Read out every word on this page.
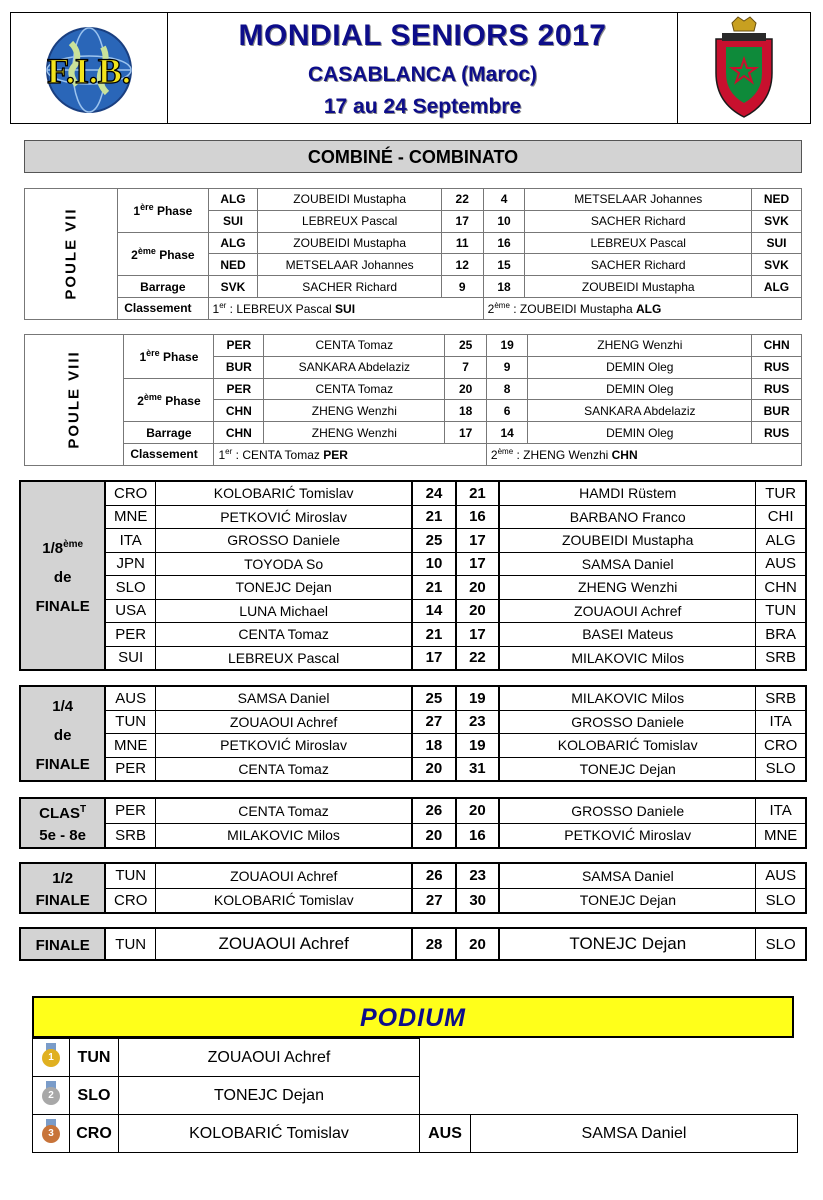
F.I.B.
MONDIAL SENIORS 2017
CASABLANCA (Maroc)
17 au 24 Septembre
COMBINÉ - COMBINATO
POULE VII	1ère Phase	ALG	ZOUBEIDI Mustapha	22	4	METSELAAR Johannes	NED
		SUI	LEBREUX Pascal	17	10	SACHER Richard	SVK
	2ème Phase	ALG	ZOUBEIDI Mustapha	11	16	LEBREUX Pascal	SUI
		NED	METSELAAR Johannes	12	15	SACHER Richard	SVK
	Barrage	SVK	SACHER Richard	9	18	ZOUBEIDI Mustapha	ALG
	Classement	1er : LEBREUX Pascal SUI			2ème : ZOUBEIDI Mustapha ALG		
POULE VIII	1ère Phase	PER	CENTA Tomaz	25	19	ZHENG Wenzhi	CHN
		BUR	SANKARA Abdelaziz	7	9	DEMIN Oleg	RUS
	2ème Phase	PER	CENTA Tomaz	20	8	DEMIN Oleg	RUS
		CHN	ZHENG Wenzhi	18	6	SANKARA Abdelaziz	BUR
	Barrage	CHN	ZHENG Wenzhi	17	14	DEMIN Oleg	RUS
	Classement	1er : CENTA Tomaz PER			2ème : ZHENG Wenzhi CHN		
1/8ème
de
FINALE	CRO	KOLOBARIĆ Tomislav	24	21	HAMDI Rüstem	TUR
	MNE	PETKOVIĆ Miroslav	21	16	BARBANO Franco	CHI
	ITA	GROSSO Daniele	25	17	ZOUBEIDI Mustapha	ALG
	JPN	TOYODA So	10	17	SAMSA Daniel	AUS
	SLO	TONEJC Dejan	21	20	ZHENG Wenzhi	CHN
	USA	LUNA Michael	14	20	ZOUAOUI Achref	TUN
	PER	CENTA Tomaz	21	17	BASEI Mateus	BRA
	SUI	LEBREUX Pascal	17	22	MILAKOVIC Milos	SRB
1/4
de
FINALE	AUS	SAMSA Daniel	25	19	MILAKOVIC Milos	SRB
	TUN	ZOUAOUI Achref	27	23	GROSSO Daniele	ITA
	MNE	PETKOVIĆ Miroslav	18	19	KOLOBARIĆ Tomislav	CRO
	PER	CENTA Tomaz	20	31	TONEJC Dejan	SLO
$CLAS^T$
5e - 8e	PER	CENTA Tomaz	26	20	GROSSO Daniele	ITA
	SRB	MILAKOVIC Milos	20	16	PETKOVIĆ Miroslav	MNE
1/2
FINALE	TUN	ZOUAOUI Achref	26	23	SAMSA Daniel	AUS
	CRO	KOLOBARIĆ Tomislav	27	30	TONEJC Dejan	SLO
FINALE	TUN	ZOUAOUI Achref	28	20	TONEJC Dejan	SLO
PODIUM
1	TUN	ZOUAOUI Achref		

2	SLO	TONEJC Dejan		

3	CRO	KOLOBARIĆ Tomislav	AUS	SAMSA Daniel
